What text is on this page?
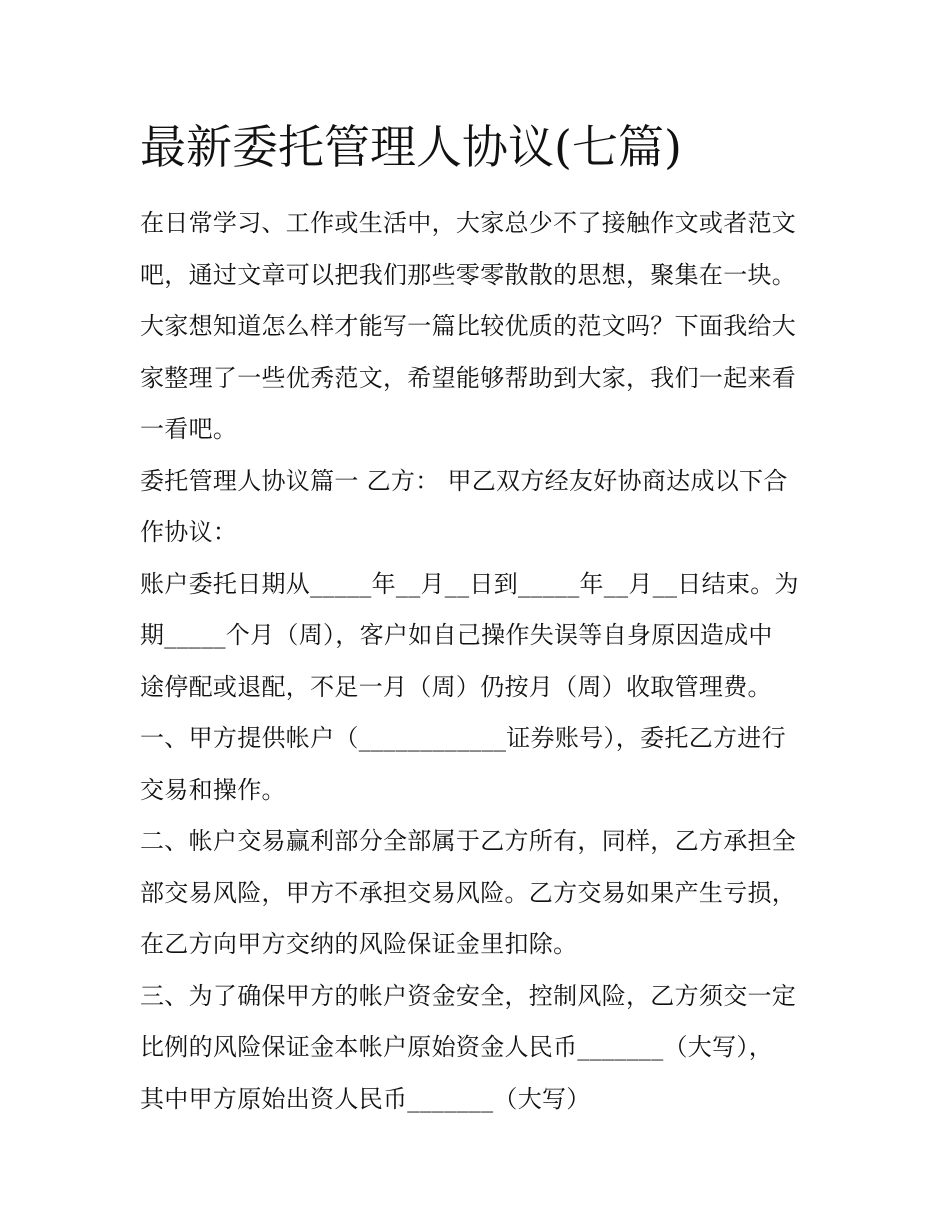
最新委托管理人协议(七篇)
在日常学习、工作或生活中，大家总少不了接触作文或者范文
吧，通过文章可以把我们那些零零散散的思想，聚集在一块。
大家想知道怎么样才能写一篇比较优质的范文吗？下面我给大
家整理了一些优秀范文，希望能够帮助到大家，我们一起来看
一看吧。
委托管理人协议篇一 乙方： 甲乙双方经友好协商达成以下合
作协议：
账户委托日期从_____年__月__日到_____年__月__日结束。为
期_____个月（周），客户如自己操作失误等自身原因造成中
途停配或退配，不足一月（周）仍按月（周）收取管理费。
一、甲方提供帐户（____________证券账号），委托乙方进行
交易和操作。
二、帐户交易赢利部分全部属于乙方所有，同样，乙方承担全
部交易风险，甲方不承担交易风险。乙方交易如果产生亏损，
在乙方向甲方交纳的风险保证金里扣除。
三、为了确保甲方的帐户资金安全，控制风险，乙方须交一定
比例的风险保证金本帐户原始资金人民币_______（大写），
其中甲方原始出资人民币_______（大写）
